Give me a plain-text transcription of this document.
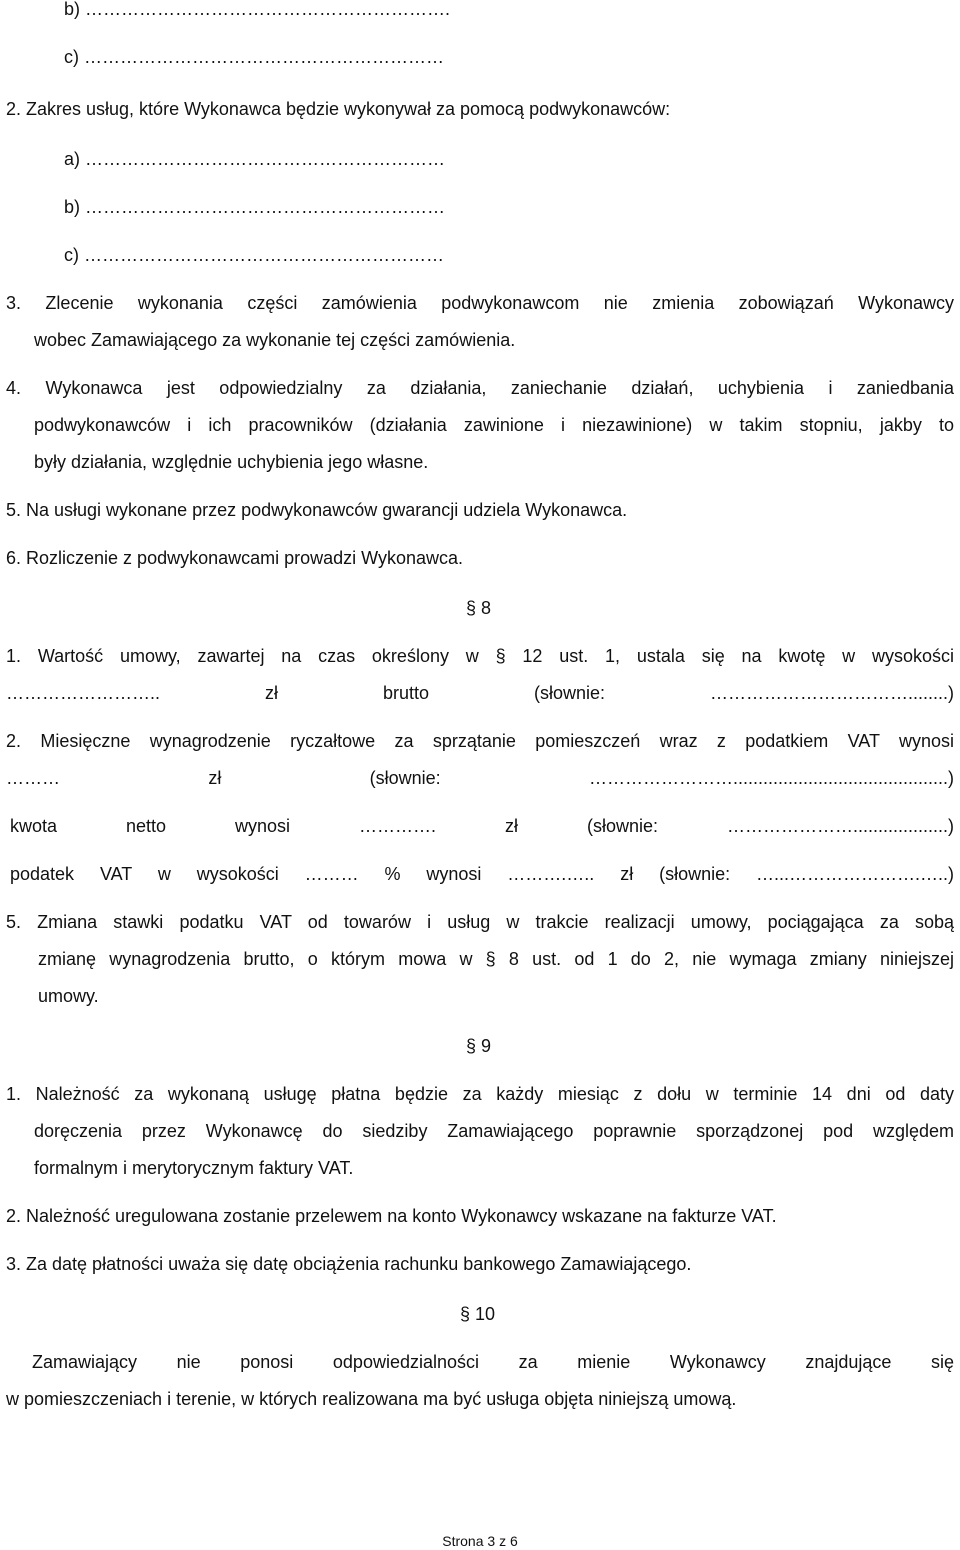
b) …………………………………………………….
c) ……………………………………………………
2. Zakres usług, które Wykonawca będzie wykonywał za pomocą podwykonawców:
a) ……………………………………………………
b) ……………………………………………………
c) ……………………………………………………
3. Zlecenie wykonania części zamówienia podwykonawcom nie zmienia zobowiązań Wykonawcy
wobec Zamawiającego za wykonanie tej części zamówienia.
4. Wykonawca jest odpowiedzialny za działania, zaniechanie działań, uchybienia i zaniedbania
podwykonawców i ich pracowników (działania zawinione i niezawinione) w takim stopniu, jakby to
były działania, względnie uchybienia jego własne.
5. Na usługi wykonane przez podwykonawców gwarancji udziela Wykonawca.
6. Rozliczenie z podwykonawcami prowadzi Wykonawca.
§ 8
1. Wartość umowy, zawartej na czas określony w § 12 ust. 1, ustala się na kwotę w wysokości
…………………….. zł brutto (słownie: ……………………………........)
2. Miesięczne wynagrodzenie ryczałtowe za sprzątanie pomieszczeń wraz z podatkiem VAT wynosi
……… zł (słownie: ……………………...........................................)
kwota netto wynosi …………. zł (słownie: …………………...................)
podatek VAT w wysokości ……… % wynosi ……….….. zł (słownie: …...………………….…..)
5. Zmiana stawki podatku VAT od towarów i usług w trakcie realizacji umowy, pociągająca za sobą
zmianę wynagrodzenia brutto, o którym mowa w § 8 ust. od 1 do 2, nie wymaga zmiany niniejszej
umowy.
§ 9
1. Należność za wykonaną usługę płatna będzie za każdy miesiąc z dołu w terminie 14 dni od daty
doręczenia przez Wykonawcę do siedziby Zamawiającego poprawnie sporządzonej pod względem
formalnym i merytorycznym faktury VAT.
2. Należność uregulowana zostanie przelewem na konto Wykonawcy wskazane na fakturze VAT.
3. Za datę płatności uważa się datę obciążenia rachunku bankowego Zamawiającego.
§ 10
Zamawiający nie ponosi odpowiedzialności za mienie Wykonawcy znajdujące się
w pomieszczeniach i terenie, w których realizowana ma być usługa objęta niniejszą umową.
Strona 3 z 6
